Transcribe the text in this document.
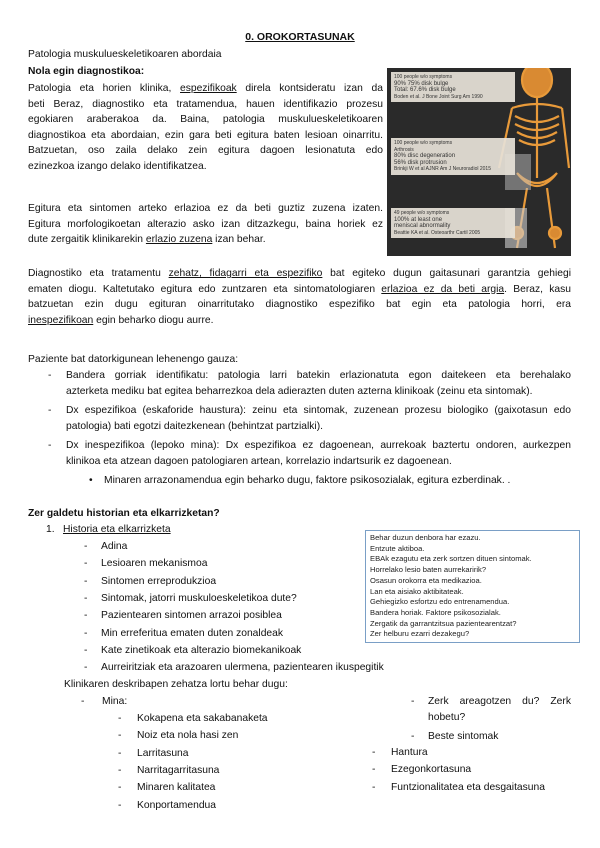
0. OROKORTASUNAK
Patologia muskulueskeletikoaren abordaia
Nola egin diagnostikoa:
Patologia eta horien klinika, espezifikoak direla kontsideratu izan da
beti Beraz, diagnostiko eta tratamendua, hauen identifikazio prozesu
egokiaren araberakoa da. Baina, patologia muskulueskeletikoaren
diagnostikoa eta abordaian, ezin gara beti egitura baten lesioan oinarritu.
Batzuetan, oso zaila delako zein egitura dagoen lesionatuta edo
ezinezkoa izango delako identifikatzea.
Egitura eta sintomen arteko erlazioa ez da beti guztiz zuzena izaten.
Egitura morfologikoetan alterazio asko izan ditzazkegu, baina horiek ez
dute zergaitik klinikarekin erlazio zuzena izan behar.
Diagnostiko eta tratamentu zehatz, fidagarri eta espezifiko bat egiteko dugun gaitasunari garantzia gehiegi
ematen diogu. Kaltetutako egitura edo zuntzaren eta sintomatologiaren erlazioa ez da beti argia. Beraz, kasu
batzuetan ezin dugu egituran oinarritutako diagnostiko espezifiko bat egin eta patologia horri, era
inespezifikoan egin beharko diogu aurre.
100 people w/o symptoms
90% 75% disk bulge
Total: 67.6% disk bulge
Boden et al. J Bone Joint Surg Am 1990
100 people w/o symptoms
Arthrosis
80% disc degeneration
56% disk protrusion
Brinkji W et al AJNR Am J Neuroradiol 2015
49 people w/o symptoms
100% at least one
meniscal abnormality
Beattie KA et al. Osteoarthr Cartil 2005
Paziente bat datorkigunean lehenengo gauza:
- Bandera gorriak identifikatu: patologia larri batekin erlazionatuta egon daitekeen eta berehalako
azterketa mediku bat egitea beharrezkoa dela adierazten duten azterna klinikoak (zeinu eta sintomak).
- Dx espezifikoa (eskaforide haustura): zeinu eta sintomak, zuzenean prozesu biologiko (gaixotasun edo
patologia) bati egotzi daitezkenean (behintzat partzialki).
- Dx inespezifikoa (lepoko mina): Dx espezifikoa ez dagoenean, aurrekoak baztertu ondoren, aurkezpen
klinikoa eta atzean dagoen patologiaren artean, korrelazio indartsurik ez dagoenean.
• Minaren arrazonamendua egin beharko dugu, faktore psikosozialak, egitura ezberdinak. .
Zer galdetu historian eta elkarrizketan?
1. Historia eta elkarrizketa
- Adina
- Lesioaren mekanismoa
- Sintomen erreprodukzioa
- Sintomak, jatorri muskuloeskeletikoa dute?
- Pazientearen sintomen arrazoi posiblea
- Min erreferitua ematen duten zonaldeak
- Kate zinetikoak eta alterazio biomekanikoak
- Aurreiritziak eta arazoaren ulermena, pazientearen ikuspegitik
Klinikaren deskribapen zehatza lortu behar dugu:
- Mina:
- Kokapena eta sakabanaketa
- Noiz eta nola hasi zen
- Larritasuna
- Narritagarritasuna
- Minaren kalitatea
- Konportamendua
- Zerk areagotzen du? Zerk
hobetu?
- Beste sintomak
- Hantura
- Ezegonkortasuna
- Funtzionalitatea eta desgaitasuna
Behar duzun denbora har ezazu.
Entzute aktiboa.
EBAk ezagutu eta zerk sortzen dituen sintomak.
Horrelako lesio baten aurrekaririk?
Osasun orokorra eta medikazioa.
Lan eta aisiako aktibitateak.
Gehiegizko esfortzu edo entrenamendua.
Bandera horiak. Faktore psikosozialak.
Zergatik da garrantzitsua pazientearentzat?
Zer helburu ezarri dezakegu?
